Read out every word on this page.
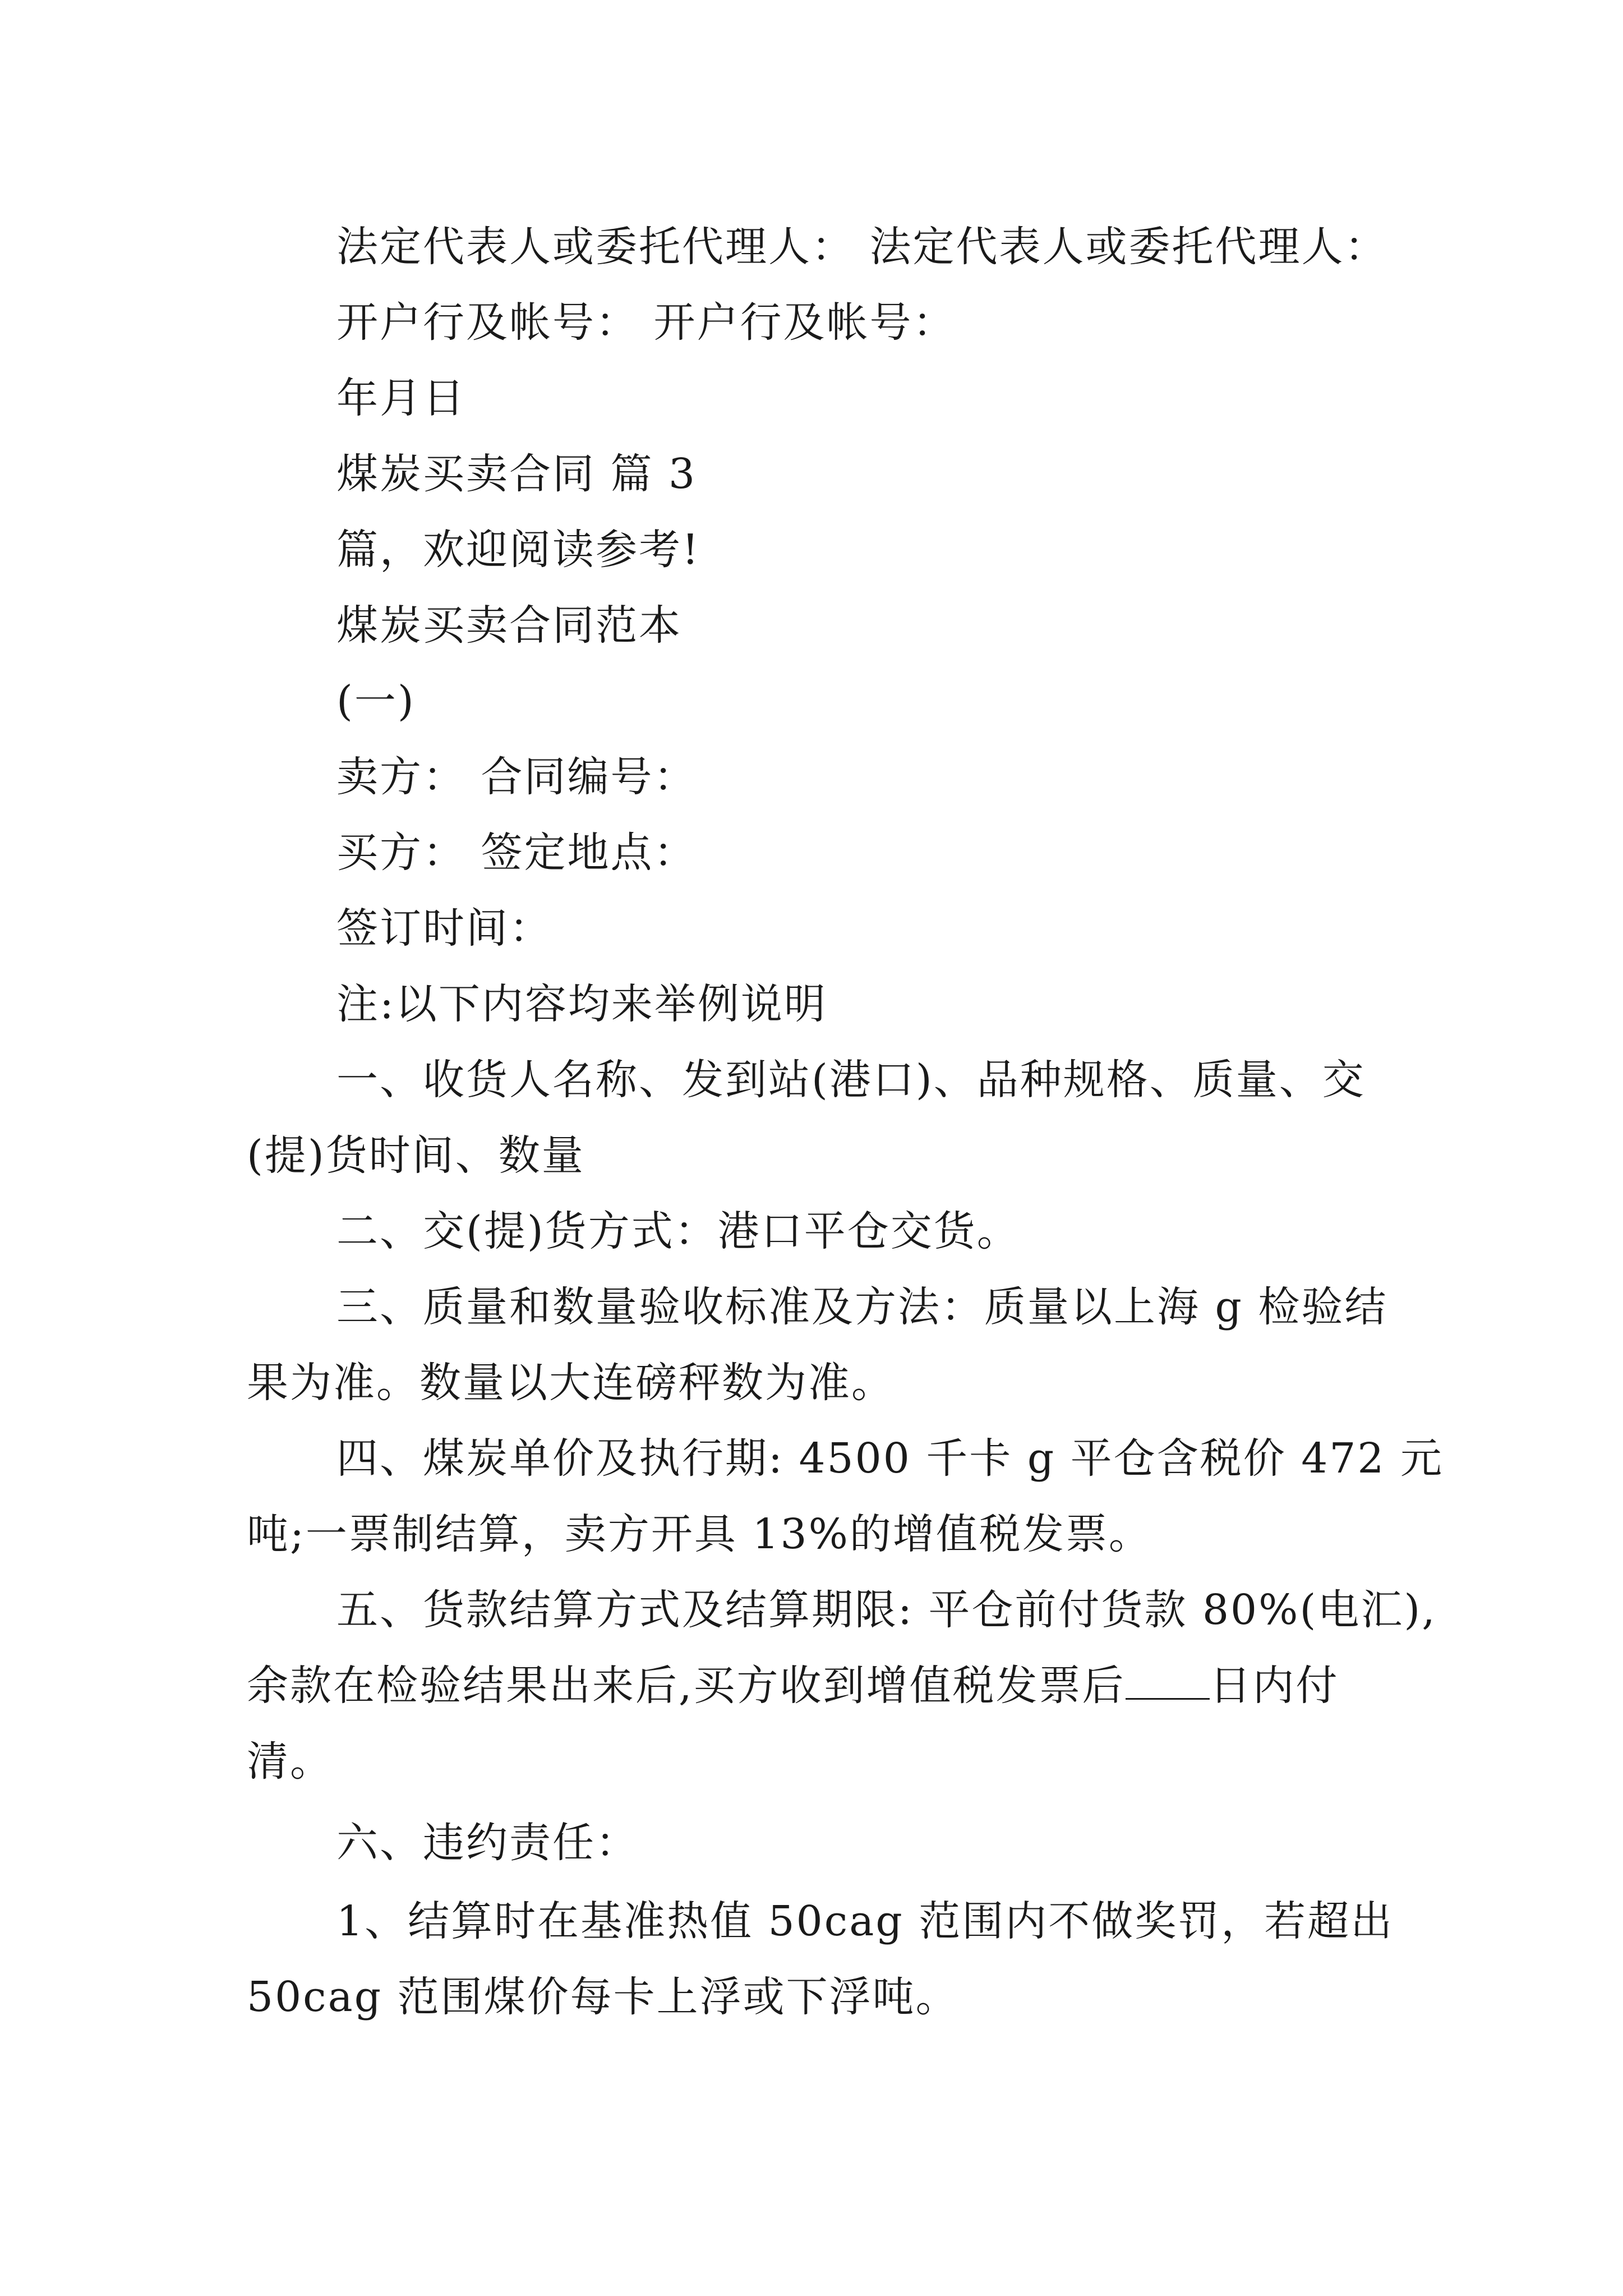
法定代表人或委托代理人： 法定代表人或委托代理人：
开户行及帐号： 开户行及帐号：
年月日
煤炭买卖合同 篇 3
篇，欢迎阅读参考!
煤炭买卖合同范本
(一)
卖方： 合同编号：
买方： 签定地点：
签订时间：
注:以下内容均来举例说明
一、收货人名称、发到站(港口)、品种规格、质量、交
(提)货时间、数量
二、交(提)货方式：港口平仓交货。
三、质量和数量验收标准及方法：质量以上海 g 检验结
果为准。数量以大连磅秤数为准。
四、煤炭单价及执行期: 4500 千卡 g 平仓含税价 472 元
吨;一票制结算，卖方开具 13%的增值税发票。
五、货款结算方式及结算期限: 平仓前付货款 80%(电汇),
余款在检验结果出来后,买方收到增值税发票后 日内付
清。
六、违约责任：
1、结算时在基准热值 50cag 范围内不做奖罚，若超出
50cag 范围煤价每卡上浮或下浮吨。
